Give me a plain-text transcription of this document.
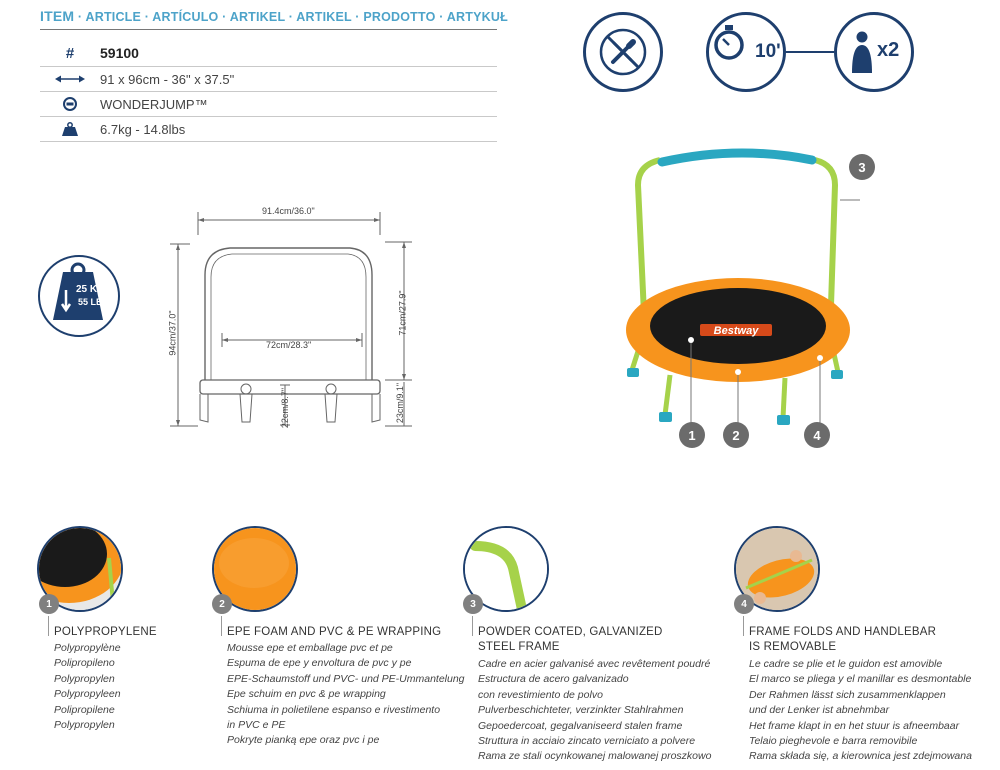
ITEM · ARTICLE · ARTÍCULO · ARTIKEL · ARTIKEL · PRODOTTO · ARTYKUŁ
# 59100
91 x 96cm - 36" x 37.5"
WONDERJUMP™
6.7kg - 14.8lbs
10'	x2
25 KG
55 LB
91.4cm/36.0"
72cm/28.3"
94cm/37.0"	71cm/27.9"
22cm/8.7"	23cm/9.1"
Bestway
1	2	4
3
1
POLYPROPYLENE
Polypropylène
Polipropileno
Polypropylen
Polypropyleen
Polipropilene
Polypropylen
2
EPE FOAM AND PVC & PE WRAPPING
Mousse epe et emballage pvc et pe
Espuma de epe y envoltura de pvc y pe
EPE-Schaumstoff und PVC- und PE-Ummantelung
Epe schuim en pvc & pe wrapping
Schiuma in polietilene espanso e rivestimento
in PVC e PE
Pokryte pianką epe oraz pvc i pe
3
POWDER COATED, GALVANIZED
STEEL FRAME
Cadre en acier galvanisé avec revêtement poudré
Estructura de acero galvanizado
con revestimiento de polvo
Pulverbeschichteter, verzinkter Stahlrahmen
Gepoedercoat, gegalvaniseerd stalen frame
Struttura in acciaio zincato verniciato a polvere
Rama ze stali ocynkowanej malowanej proszkowo
4
FRAME FOLDS AND HANDLEBAR
IS REMOVABLE
Le cadre se plie et le guidon est amovible
El marco se pliega y el manillar es desmontable
Der Rahmen lässt sich zusammenklappen
und der Lenker ist abnehmbar
Het frame klapt in en het stuur is afneembaar
Telaio pieghevole e barra removibile
Rama składa się, a kierownica jest zdejmowana
